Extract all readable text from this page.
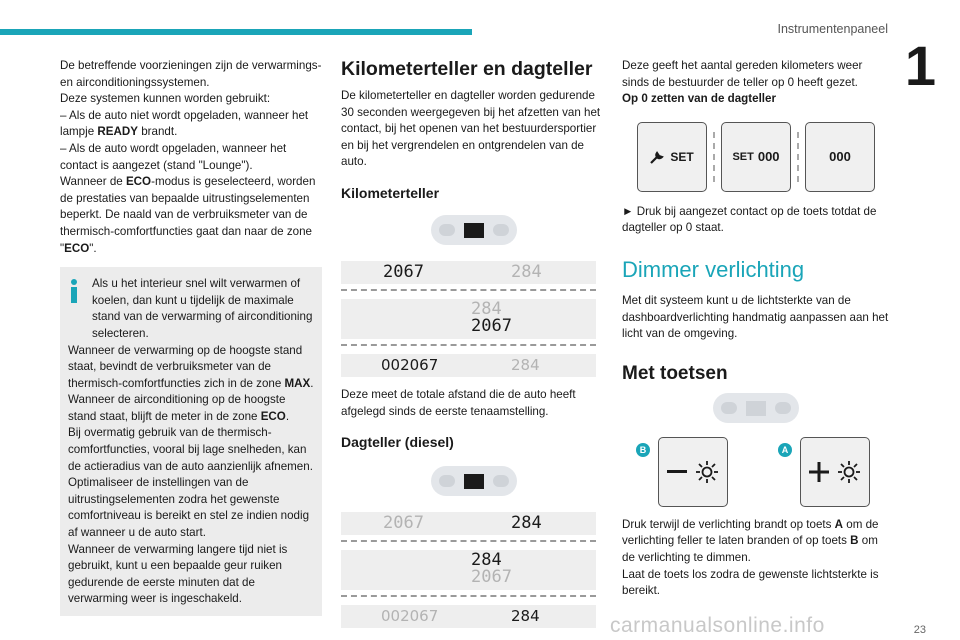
Instrumentenpaneel
1

De betreffende voorzieningen zijn de verwarmings- en airconditioningssystemen.
Deze systemen kunnen worden gebruikt:
– Als de auto niet wordt opgeladen, wanneer het lampje READY brandt.
– Als de auto wordt opgeladen, wanneer het contact is aangezet (stand "Lounge").
Wanneer de ECO-modus is geselecteerd, worden de prestaties van bepaalde uitrustingselementen beperkt. De naald van de verbruiksmeter van de thermisch-comfortfuncties gaat dan naar de zone "ECO".

Als u het interieur snel wilt verwarmen of koelen, dan kunt u tijdelijk de maximale stand van de verwarming of airconditioning selecteren.
Wanneer de verwarming op de hoogste stand staat, bevindt de verbruiksmeter van de thermisch-comfortfuncties zich in de zone MAX.
Wanneer de airconditioning op de hoogste stand staat, blijft de meter in de zone ECO.
Bij overmatig gebruik van de thermisch-comfortfuncties, vooral bij lage snelheden, kan de actieradius van de auto aanzienlijk afnemen.
Optimaliseer de instellingen van de uitrustingselementen zodra het gewenste comfortniveau is bereikt en stel ze indien nodig af wanneer u de auto start.
Wanneer de verwarming langere tijd niet is gebruikt, kunt u een bepaalde geur ruiken gedurende de eerste minuten dat de verwarming weer is ingeschakeld.
Kilometerteller en dagteller

De kilometerteller en dagteller worden gedurende 30 seconden weergegeven bij het afzetten van het contact, bij het openen van het bestuurdersportier en bij het vergrendelen en ontgrendelen van de auto.

Kilometerteller
2067	284
284
2067
002067	284

Deze meet de totale afstand die de auto heeft afgelegd sinds de eerste tenaamstelling.

Dagteller (diesel)
2067	284
284
2067
002067	284

Deze geeft het aantal gereden kilometers weer sinds de bestuurder de teller op 0 heeft gezet.

Op 0 zetten van de dagteller

SET	SET 000	000

► Druk bij aangezet contact op de toets totdat de dagteller op 0 staat.

Dimmer verlichting

Met dit systeem kunt u de lichtsterkte van de dashboardverlichting handmatig aanpassen aan het licht van de omgeving.

Met toetsen
B	A

Druk terwijl de verlichting brandt op toets A om de verlichting feller te laten branden of op toets B om de verlichting te dimmen.
Laat de toets los zodra de gewenste lichtsterkte is bereikt.

carmanualsonline.info	23
